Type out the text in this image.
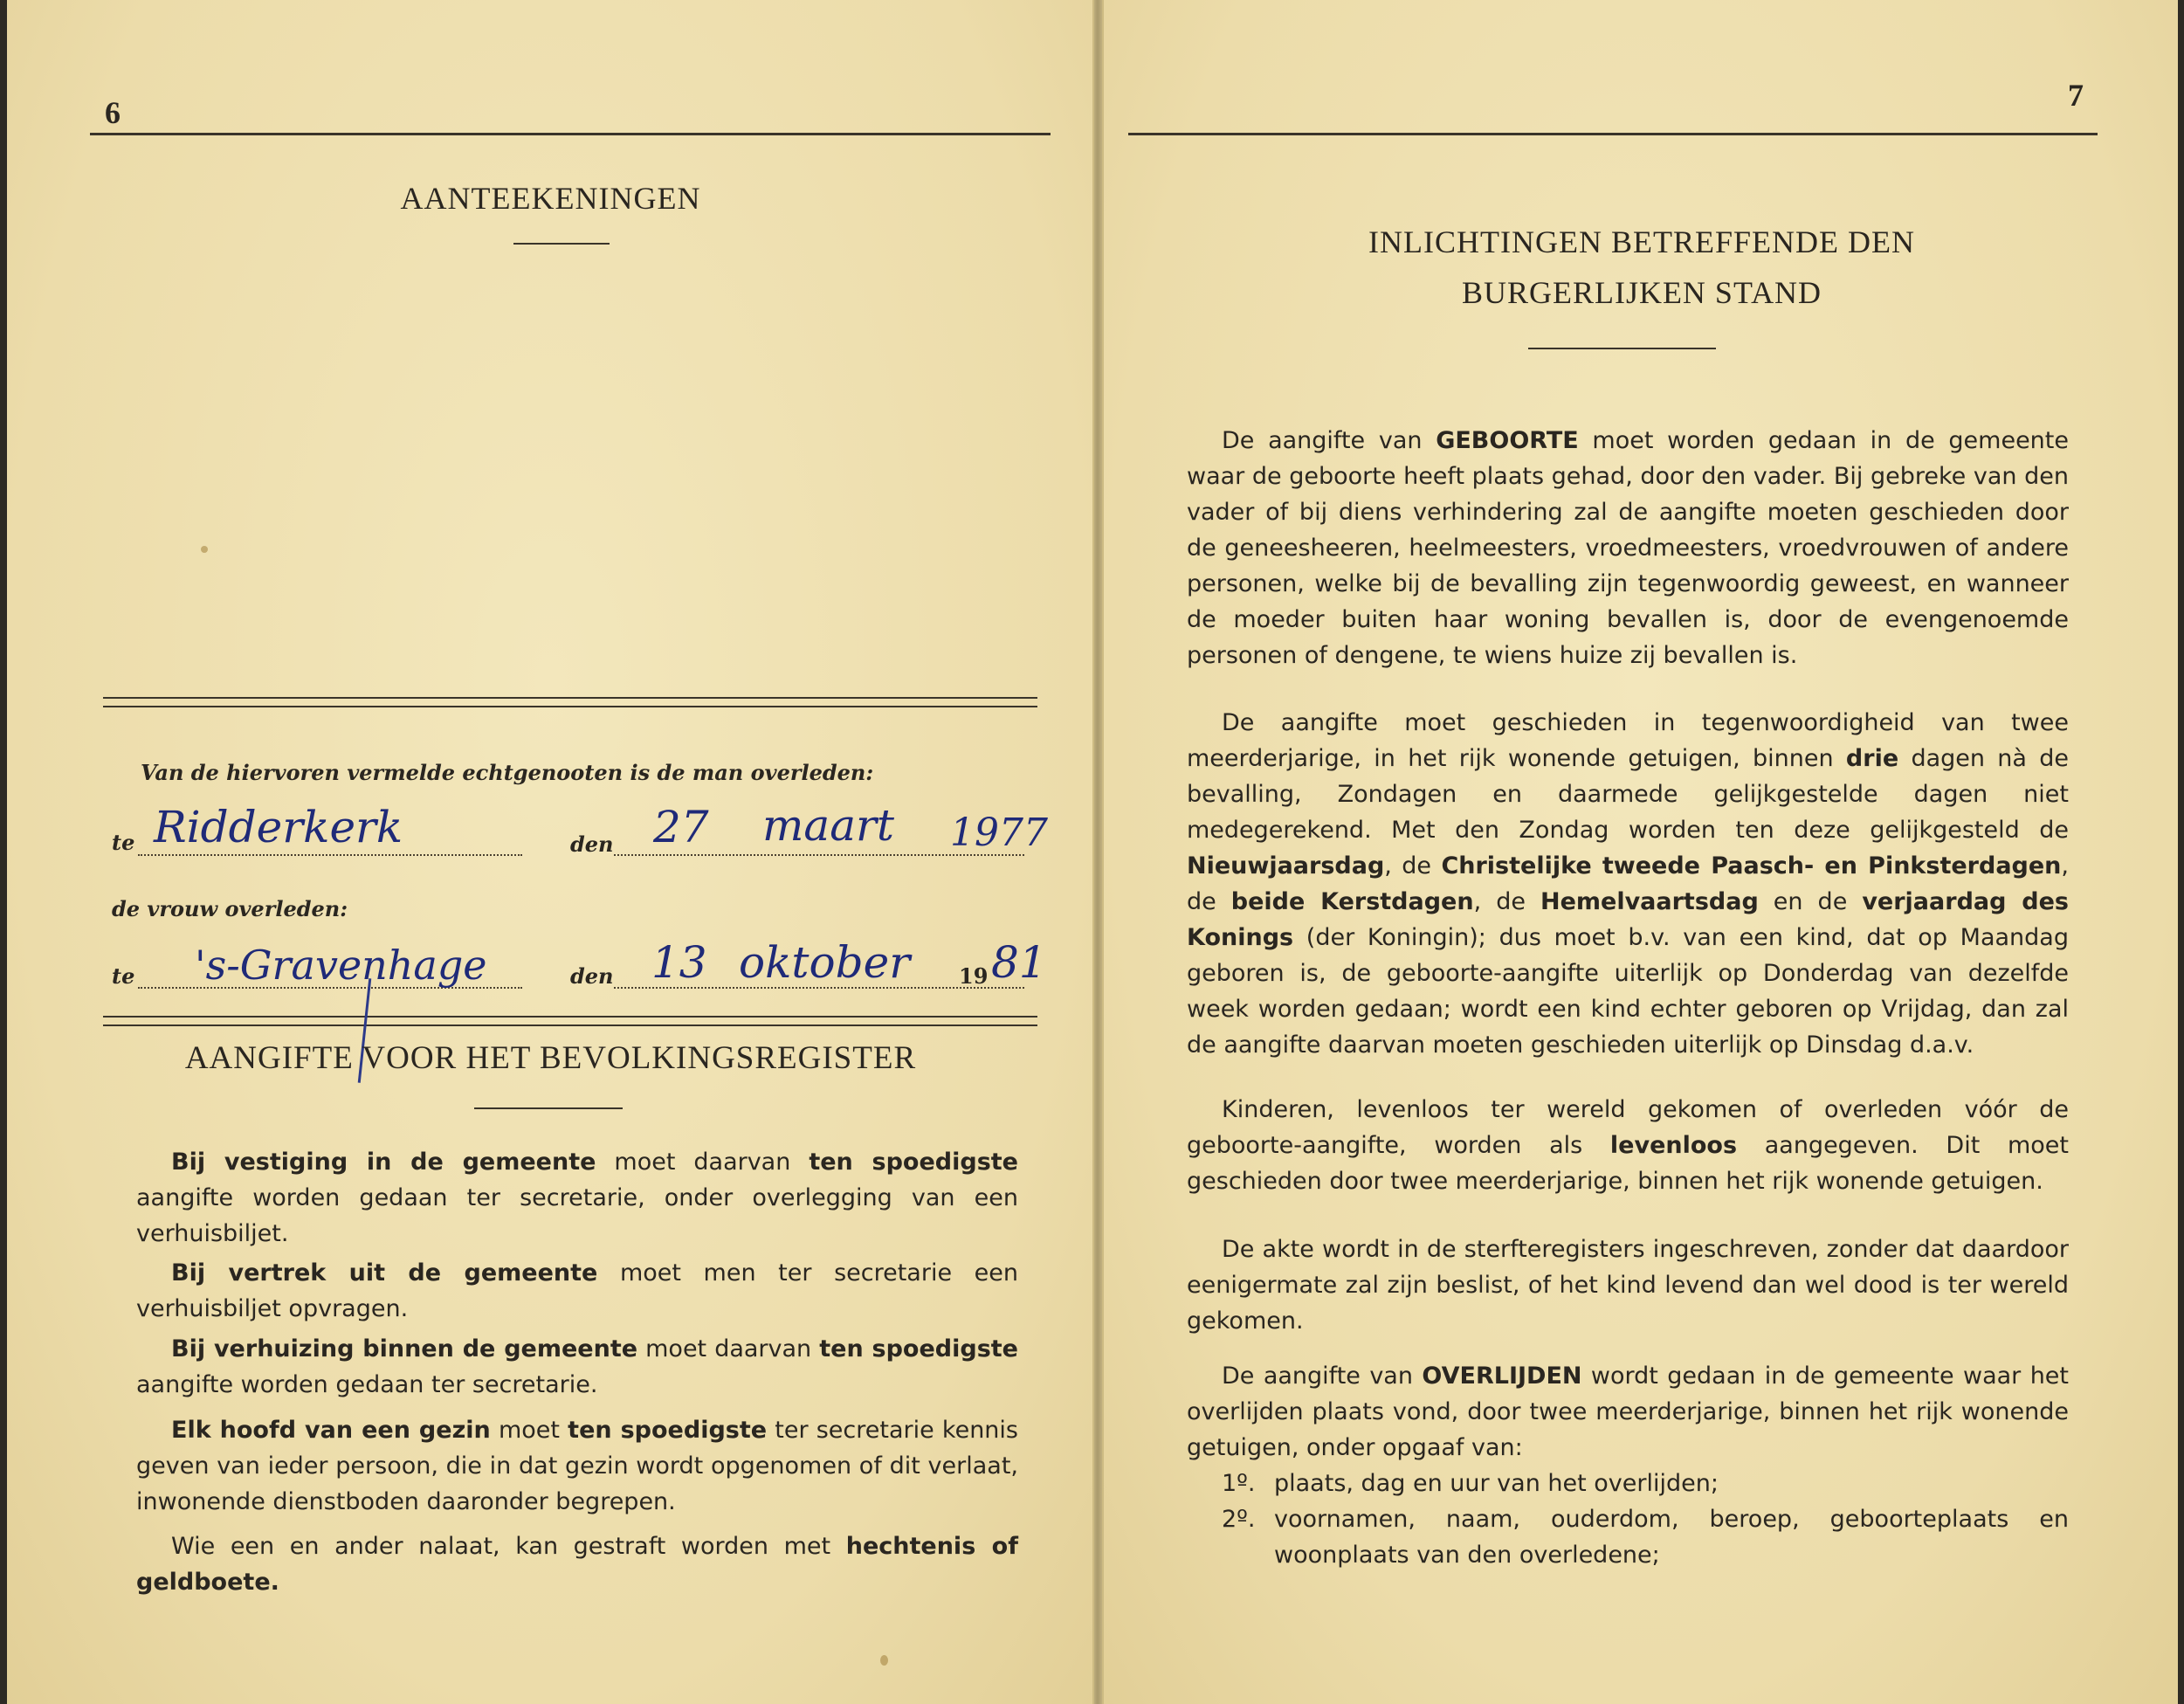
6
AANTEEKENINGEN
Van de hiervoren vermelde echtgenooten is de man overleden:
te Ridderkerk	den 27 maart 1977
de vrouw overleden:
te 's-Gravenhage	den 13 oktober 19 81
AANGIFTE VOOR HET BEVOLKINGSREGISTER

Bij vestiging in de gemeente moet daarvan ten spoedigste aangifte worden gedaan ter secretarie, onder overlegging van een verhuisbiljet.

Bij vertrek uit de gemeente moet men ter secretarie een verhuisbiljet opvragen.

Bij verhuizing binnen de gemeente moet daarvan ten spoedigste aangifte worden gedaan ter secretarie.

Elk hoofd van een gezin moet ten spoedigste ter secretarie kennis geven van ieder persoon, die in dat gezin wordt opgenomen of dit verlaat, inwonende dienstboden daaronder begrepen.

Wie een en ander nalaat, kan gestraft worden met hechtenis of geldboete.

7
INLICHTINGEN BETREFFENDE DEN
BURGERLIJKEN STAND

De aangifte van GEBOORTE moet worden gedaan in de gemeente waar de geboorte heeft plaats gehad, door den vader. Bij gebreke van den vader of bij diens verhindering zal de aangifte moeten geschieden door de geneesheeren, heelmeesters, vroedmeesters, vroedvrouwen of andere personen, welke bij de bevalling zijn tegenwoordig geweest, en wanneer de moeder buiten haar woning bevallen is, door de evengenoemde personen of dengene, te wiens huize zij bevallen is.

De aangifte moet geschieden in tegenwoordigheid van twee meerderjarige, in het rijk wonende getuigen, binnen drie dagen nà de bevalling, Zondagen en daarmede gelijkgestelde dagen niet medegerekend. Met den Zondag worden ten deze gelijkgesteld de Nieuwjaarsdag, de Christelijke tweede Paasch- en Pinksterdagen, de beide Kerstdagen, de Hemelvaartsdag en de verjaardag des Konings (der Koningin); dus moet b.v. van een kind, dat op Maandag geboren is, de geboorte-aangifte uiterlijk op Donderdag van dezelfde week worden gedaan; wordt een kind echter geboren op Vrijdag, dan zal de aangifte daarvan moeten geschieden uiterlijk op Dinsdag d.a.v.

Kinderen, levenloos ter wereld gekomen of overleden vóór de geboorte-aangifte, worden als levenloos aangegeven. Dit moet geschieden door twee meerderjarige, binnen het rijk wonende getuigen.

De akte wordt in de sterfteregisters ingeschreven, zonder dat daardoor eenigermate zal zijn beslist, of het kind levend dan wel dood is ter wereld gekomen.

De aangifte van OVERLIJDEN wordt gedaan in de gemeente waar het overlijden plaats vond, door twee meerderjarige, binnen het rijk wonende getuigen, onder opgaaf van:

1º. plaats, dag en uur van het overlijden;
2º. voornamen, naam, ouderdom, beroep, geboorteplaats en woonplaats van den overledene;
